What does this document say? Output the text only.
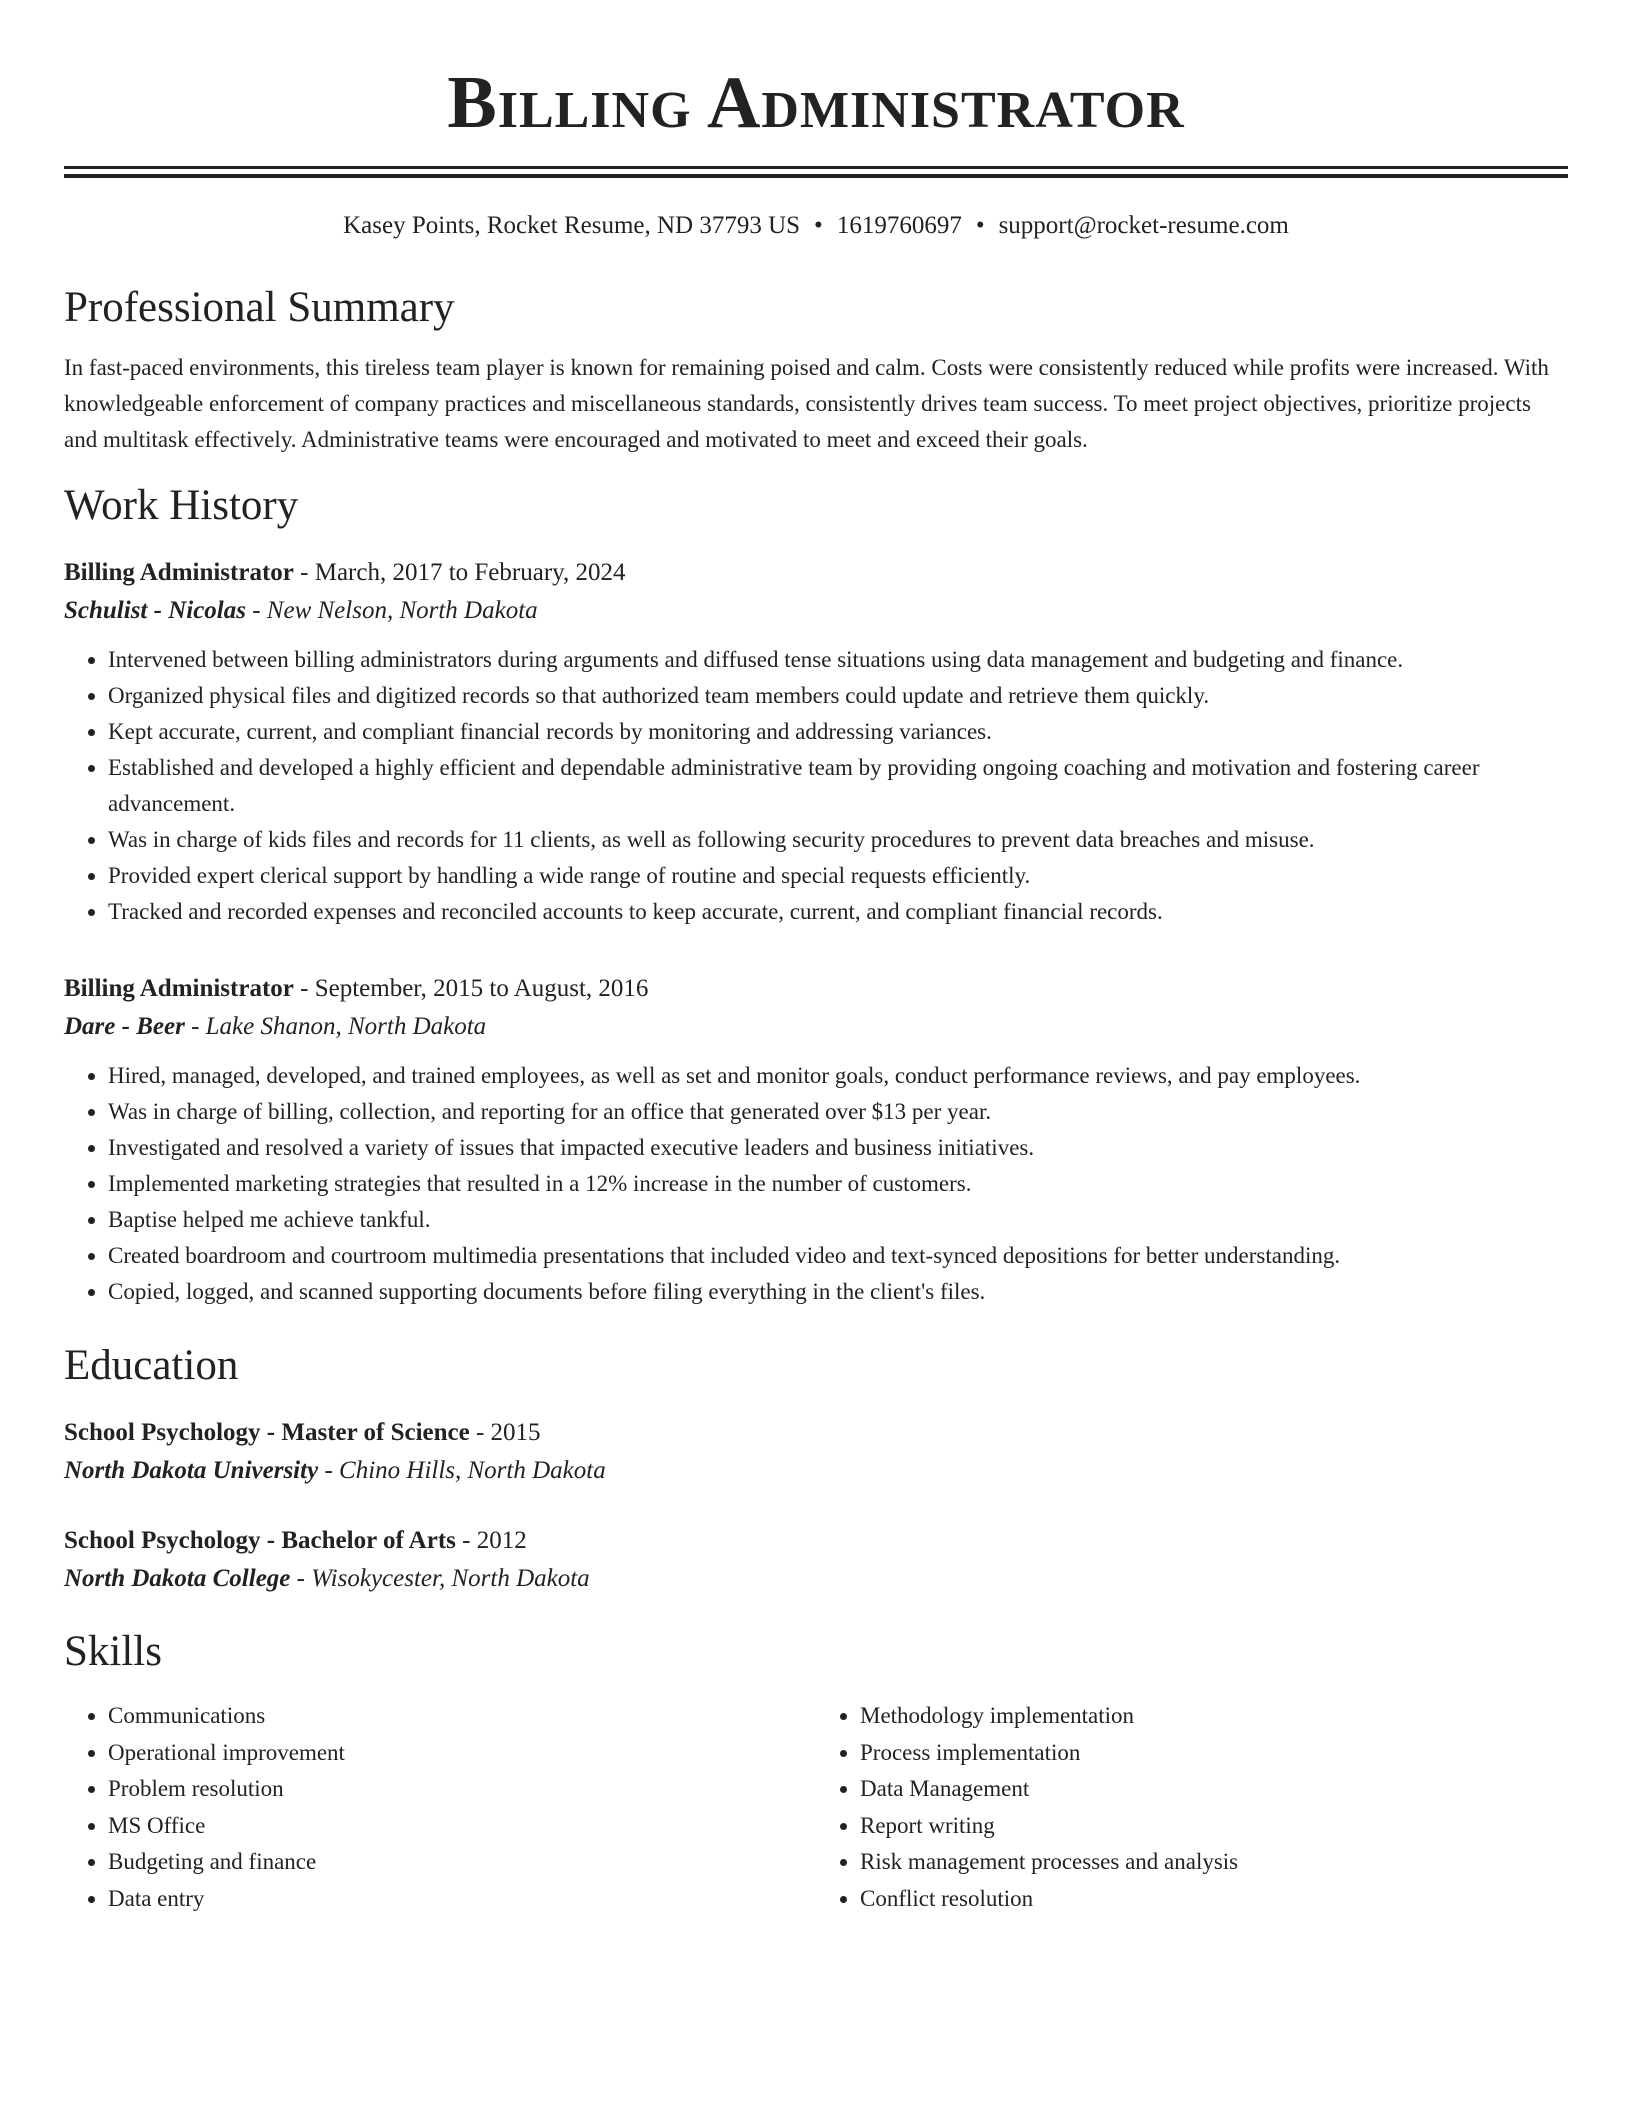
Billing Administrator
Kasey Points, Rocket Resume, ND 37793 US • 1619760697 • support@rocket-resume.com
Professional Summary

In fast-paced environments, this tireless team player is known for remaining poised and calm. Costs were consistently reduced while profits were increased. With knowledgeable enforcement of company practices and miscellaneous standards, consistently drives team success. To meet project objectives, prioritize projects and multitask effectively. Administrative teams were encouraged and motivated to meet and exceed their goals.

Work History
Billing Administrator - March, 2017 to February, 2024
Schulist - Nicolas - New Nelson, North Dakota
• Intervened between billing administrators during arguments and diffused tense situations using data management and budgeting and finance.
• Organized physical files and digitized records so that authorized team members could update and retrieve them quickly.
• Kept accurate, current, and compliant financial records by monitoring and addressing variances.
• Established and developed a highly efficient and dependable administrative team by providing ongoing coaching and motivation and fostering career advancement.
• Was in charge of kids files and records for 11 clients, as well as following security procedures to prevent data breaches and misuse.
• Provided expert clerical support by handling a wide range of routine and special requests efficiently.
• Tracked and recorded expenses and reconciled accounts to keep accurate, current, and compliant financial records.
Billing Administrator - September, 2015 to August, 2016
Dare - Beer - Lake Shanon, North Dakota
• Hired, managed, developed, and trained employees, as well as set and monitor goals, conduct performance reviews, and pay employees.
• Was in charge of billing, collection, and reporting for an office that generated over $13 per year.
• Investigated and resolved a variety of issues that impacted executive leaders and business initiatives.
• Implemented marketing strategies that resulted in a 12% increase in the number of customers.
• Baptise helped me achieve tankful.
• Created boardroom and courtroom multimedia presentations that included video and text-synced depositions for better understanding.
• Copied, logged, and scanned supporting documents before filing everything in the client's files.
Education
School Psychology - Master of Science - 2015
North Dakota University - Chino Hills, North Dakota
School Psychology - Bachelor of Arts - 2012
North Dakota College - Wisokycester, North Dakota
Skills
• Communications
• Operational improvement
• Problem resolution
• MS Office
• Budgeting and finance
• Data entry
• Methodology implementation
• Process implementation
• Data Management
• Report writing
• Risk management processes and analysis
• Conflict resolution
